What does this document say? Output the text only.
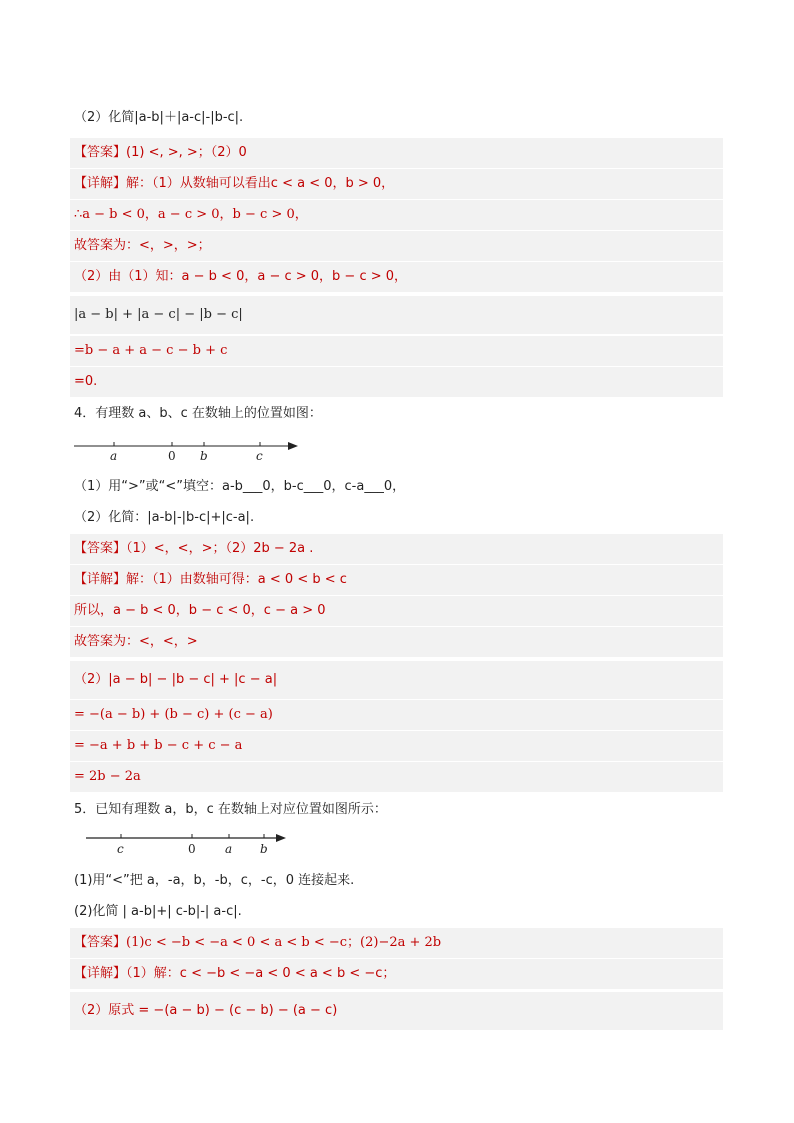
（2）化简|a-b|＋|a-c|-|b-c|.
【答案】(1) <, >, >；（2）0
【详解】解：（1）从数轴可以看出c < a < 0，b > 0，
∴a − b < 0，a − c > 0，b − c > 0，
故答案为：<，>，>；
（2）由（1）知：a − b < 0，a − c > 0，b − c > 0，
|a − b| + |a − c| − |b − c|
=b − a + a − c − b + c
=0.
4．有理数 a、b、c 在数轴上的位置如图：
a	0 b	c
（1）用“>”或“<”填空：a-b___0，b-c___0，c-a___0，
（2）化简：|a-b|-|b-c|+|c-a|.
【答案】（1）<，<，>；（2）2b − 2a .
【详解】解：（1）由数轴可得：a < 0 < b < c
所以，a − b < 0，b − c < 0，c − a > 0
故答案为：<，<，>
（2）|a − b| − |b − c| + |c − a|
= −(a − b) + (b − c) + (c − a)
= −a + b + b − c + c − a
= 2b − 2a
5．已知有理数 a，b，c 在数轴上对应位置如图所示：
c	0 a b
(1)用“<”把 a，-a，b，-b，c，-c，0 连接起来.
(2)化简 | a-b|+| c-b|-| a-c|.
【答案】(1)c < −b < −a < 0 < a < b < −c；(2)−2a + 2b
【详解】（1）解：c < −b < −a < 0 < a < b < −c；
（2）原式 = −(a − b) − (c − b) − (a − c)
